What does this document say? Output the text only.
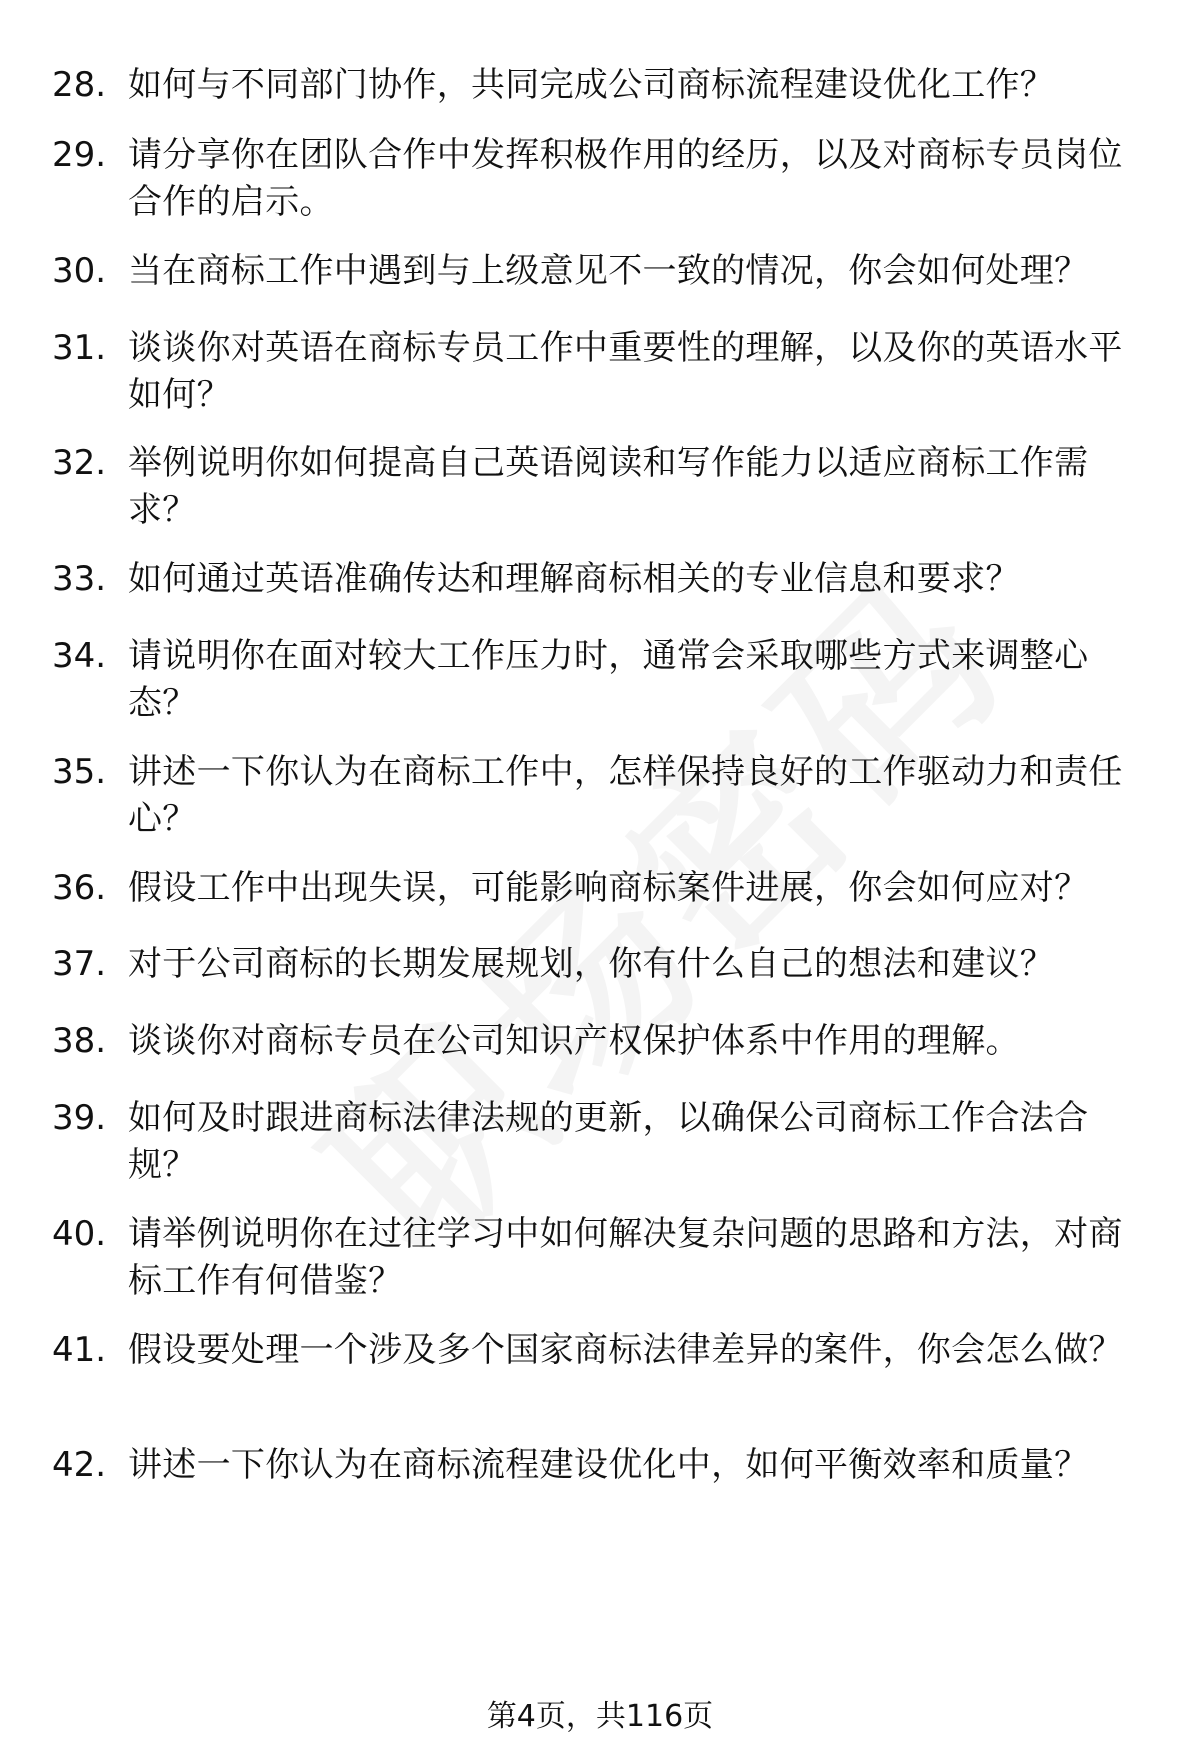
28. 如何与不同部门协作，共同完成公司商标流程建设优化工作？
29. 请分享你在团队合作中发挥积极作用的经历，以及对商标专员岗位合作的启示。
30. 当在商标工作中遇到与上级意见不一致的情况，你会如何处理？
31. 谈谈你对英语在商标专员工作中重要性的理解，以及你的英语水平如何？
32. 举例说明你如何提高自己英语阅读和写作能力以适应商标工作需求？
33. 如何通过英语准确传达和理解商标相关的专业信息和要求？
34. 请说明你在面对较大工作压力时，通常会采取哪些方式来调整心态？
35. 讲述一下你认为在商标工作中，怎样保持良好的工作驱动力和责任心？
36. 假设工作中出现失误，可能影响商标案件进展，你会如何应对？
37. 对于公司商标的长期发展规划，你有什么自己的想法和建议？
38. 谈谈你对商标专员在公司知识产权保护体系中作用的理解。
39. 如何及时跟进商标法律法规的更新，以确保公司商标工作合法合规？
40. 请举例说明你在过往学习中如何解决复杂问题的思路和方法，对商标工作有何借鉴？
41. 假设要处理一个涉及多个国家商标法律差异的案件，你会怎么做？
42. 讲述一下你认为在商标流程建设优化中，如何平衡效率和质量？
第4页，共116页
